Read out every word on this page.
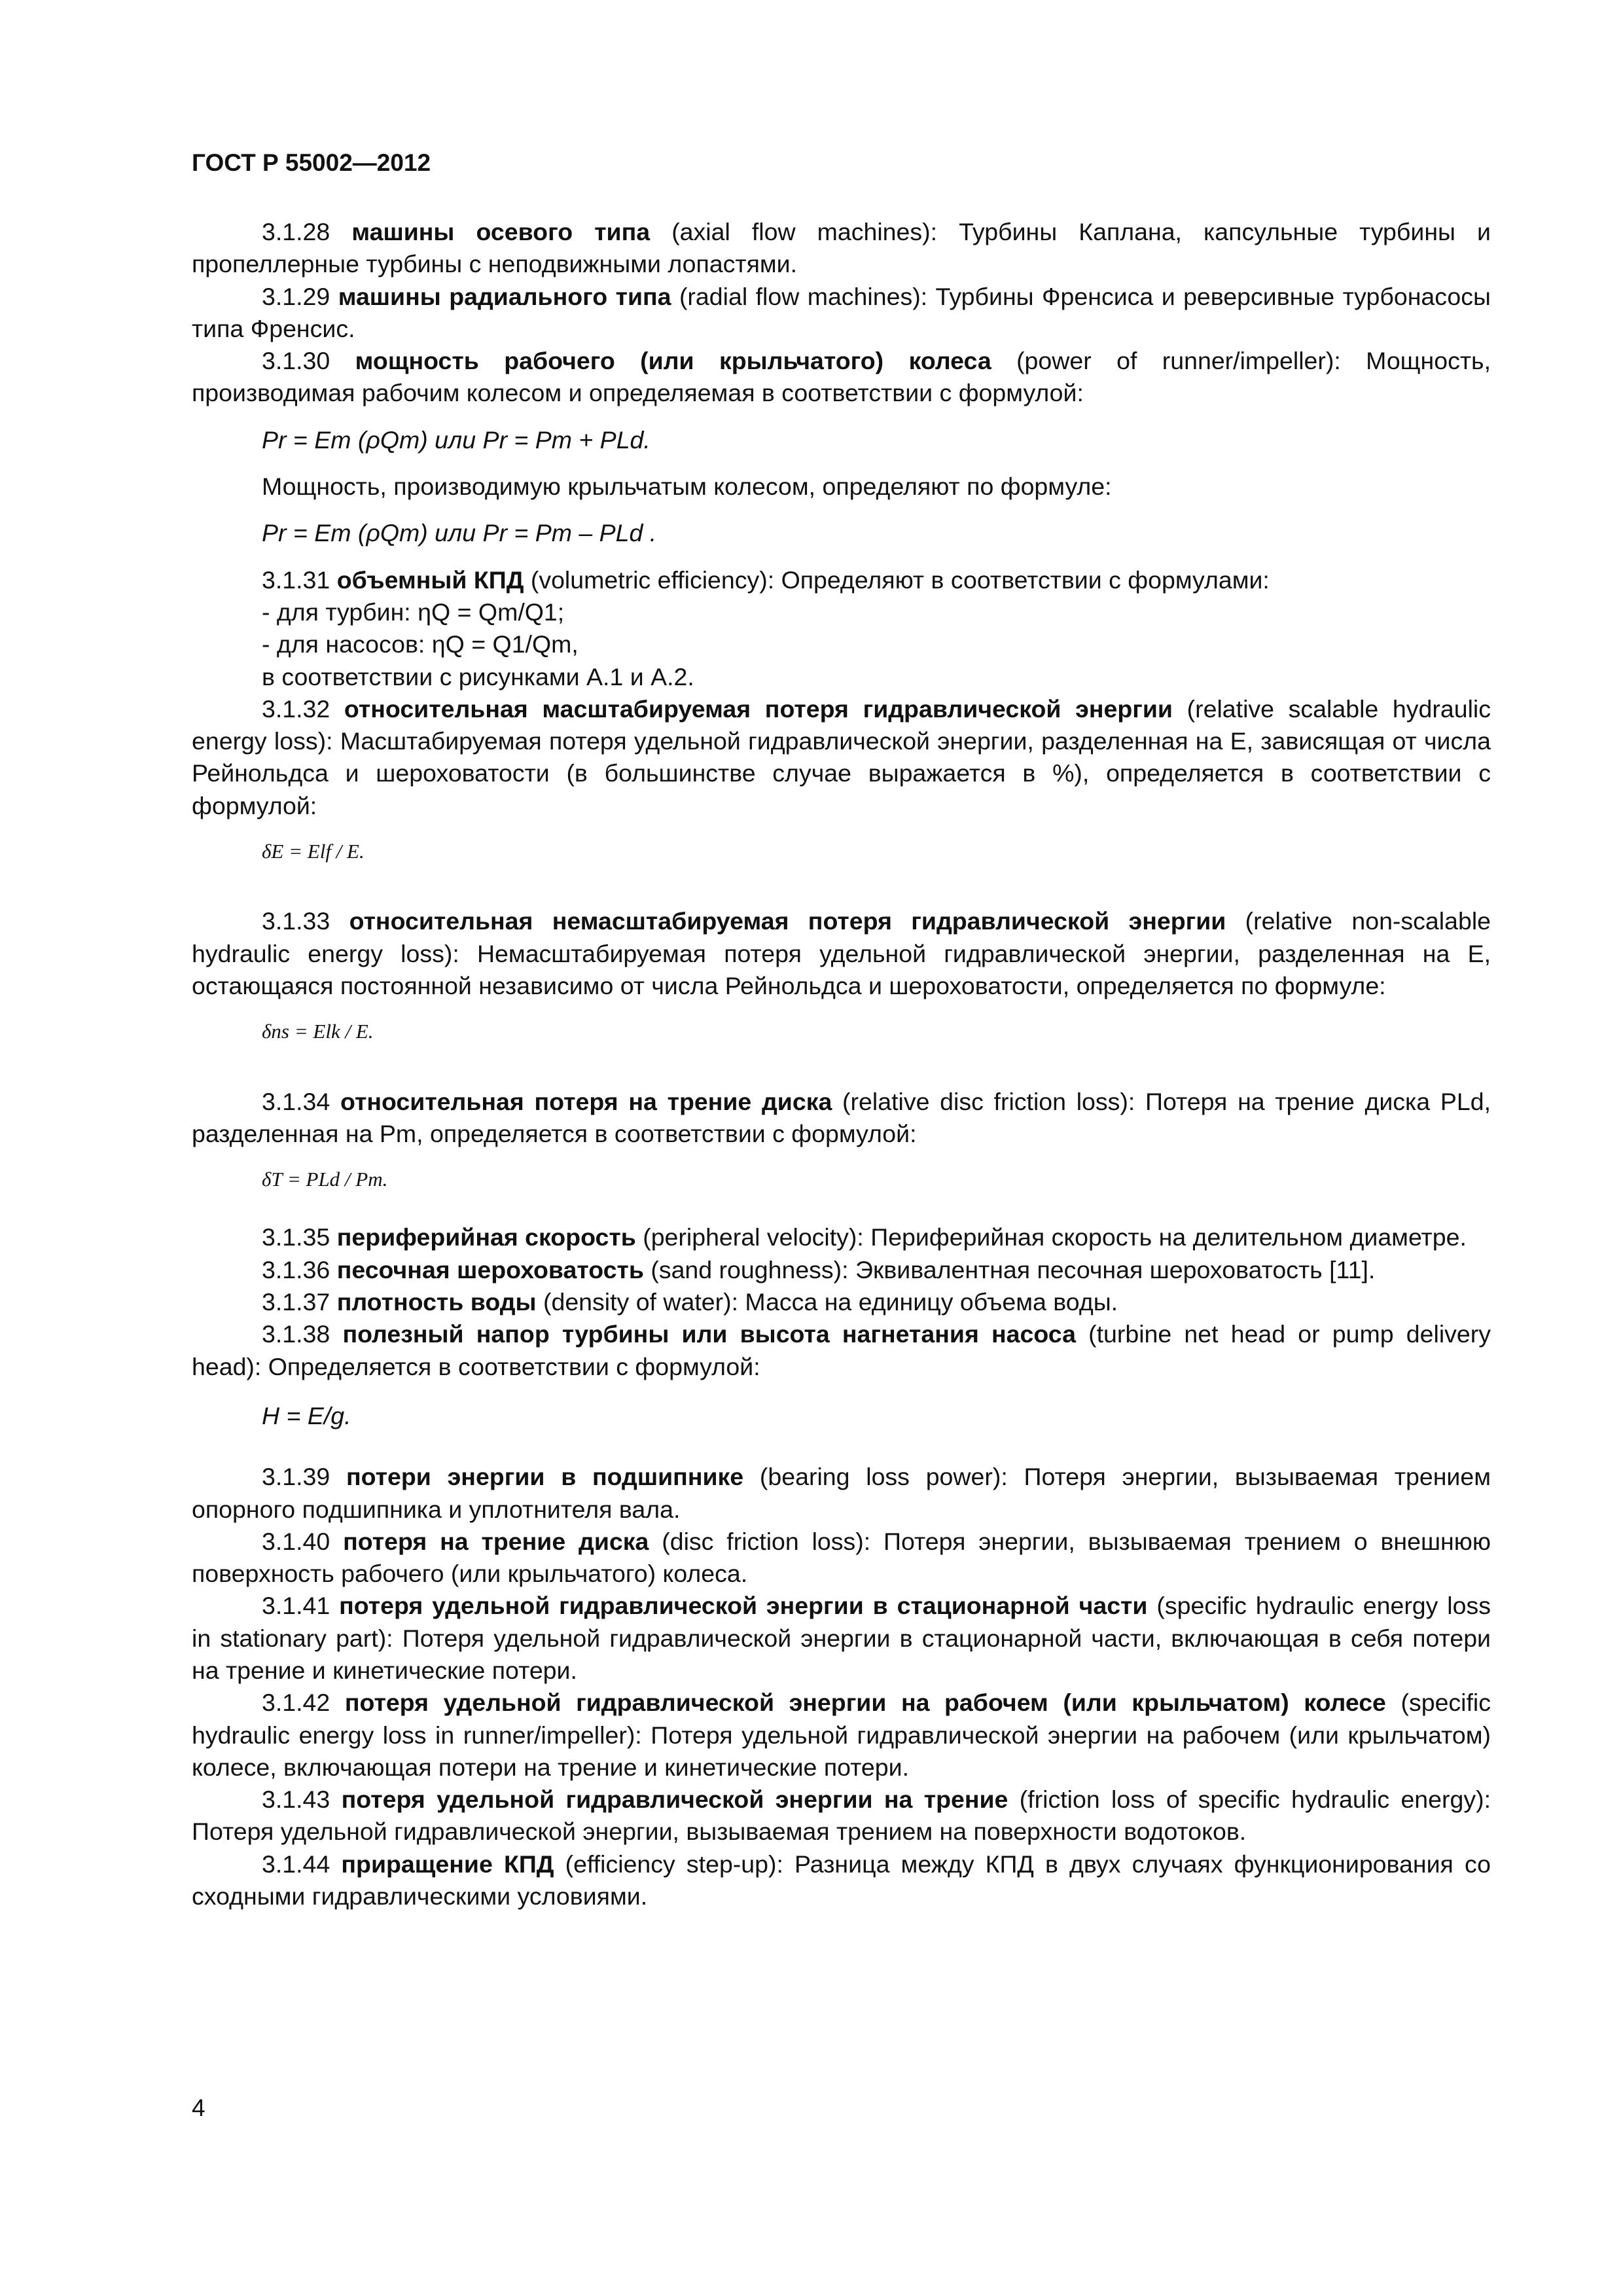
ГОСТ Р 55002—2012

3.1.28 машины осевого типа (axial flow machines): Турбины Каплана, капсульные турбины и пропеллерные турбины с неподвижными лопастями.

3.1.29 машины радиального типа (radial flow machines): Турбины Френсиса и реверсивные турбонасосы типа Френсис.

3.1.30 мощность рабочего (или крыльчатого) колеса (power of runner/impeller): Мощность, производимая рабочим колесом и определяемая в соответствии с формулой:

Pr = Em (ρQm) или Pr = Pm + PLd.

Мощность, производимую крыльчатым колесом, определяют по формуле:

Pr = Em (ρQm) или Pr = Pm – PLd .

3.1.31 объемный КПД (volumetric efficiency): Определяют в соответствии с формулами:

- для турбин: ηQ = Qm/Q1;

- для насосов: ηQ = Q1/Qm,

в соответствии с рисунками А.1 и А.2.

3.1.32 относительная масштабируемая потеря гидравлической энергии (relative scalable hydraulic energy loss): Масштабируемая потеря удельной гидравлической энергии, разделенная на E, зависящая от числа Рейнольдса и шероховатости (в большинстве случае выражается в %), определяется в соответствии с формулой:

δE = Elf / E.

3.1.33 относительная немасштабируемая потеря гидравлической энергии (relative non-scalable hydraulic energy loss): Немасштабируемая потеря удельной гидравлической энергии, разделенная на E, остающаяся постоянной независимо от числа Рейнольдса и шероховатости, определяется по формуле:

δns = Elk / E.

3.1.34 относительная потеря на трение диска (relative disc friction loss): Потеря на трение диска PLd, разделенная на Pm, определяется в соответствии с формулой:

δT = PLd / Pm.

3.1.35 периферийная скорость (peripheral velocity): Периферийная скорость на делительном диаметре.

3.1.36 песочная шероховатость (sand roughness): Эквивалентная песочная шероховатость [11].

3.1.37 плотность воды (density of water): Масса на единицу объема воды.

3.1.38 полезный напор турбины или высота нагнетания насоса (turbine net head or pump delivery head): Определяется в соответствии с формулой:

H = E/g.

3.1.39 потери энергии в подшипнике (bearing loss power): Потеря энергии, вызываемая трением опорного подшипника и уплотнителя вала.

3.1.40 потеря на трение диска (disc friction loss): Потеря энергии, вызываемая трением о внешнюю поверхность рабочего (или крыльчатого) колеса.

3.1.41 потеря удельной гидравлической энергии в стационарной части (specific hydraulic energy loss in stationary part): Потеря удельной гидравлической энергии в стационарной части, включающая в себя потери на трение и кинетические потери.

3.1.42 потеря удельной гидравлической энергии на рабочем (или крыльчатом) колесе (specific hydraulic energy loss in runner/impeller): Потеря удельной гидравлической энергии на рабочем (или крыльчатом) колесе, включающая потери на трение и кинетические потери.

3.1.43 потеря удельной гидравлической энергии на трение (friction loss of specific hydraulic energy): Потеря удельной гидравлической энергии, вызываемая трением на поверхности водотоков.

3.1.44 приращение КПД (efficiency step-up): Разница между КПД в двух случаях функционирования со сходными гидравлическими условиями.

4
